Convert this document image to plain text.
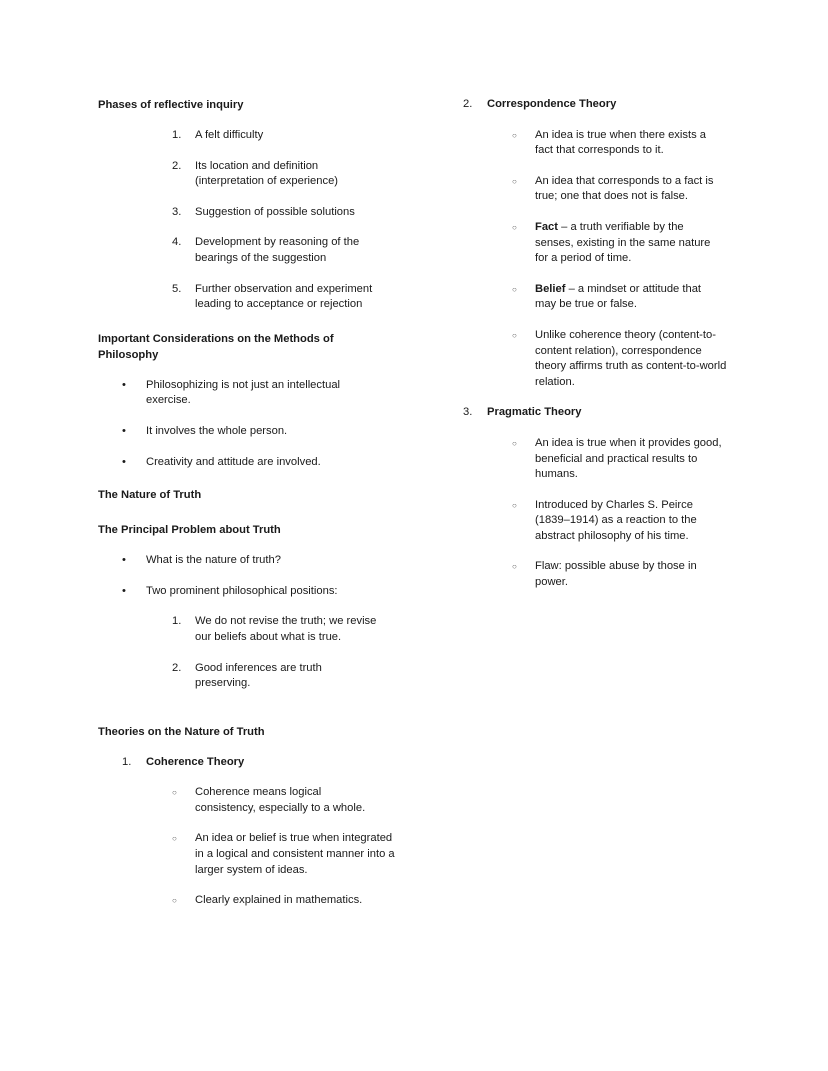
Phases of reflective inquiry

1.	A felt difficulty
2.	Its location and definition (interpretation of experience)
3.	Suggestion of possible solutions
4.	Development by reasoning of the bearings of the suggestion
5.	Further observation and experiment leading to acceptance or rejection

Important Considerations on the Methods of Philosophy

•	Philosophizing is not just an intellectual exercise.
•	It involves the whole person.
•	Creativity and attitude are involved.

The Nature of Truth

The Principal Problem about Truth

•	What is the nature of truth?
•	Two prominent philosophical positions:
1.	We do not revise the truth; we revise our beliefs about what is true.
2.	Good inferences are truth preserving.

Theories on the Nature of Truth

1.	Coherence Theory
○	Coherence means logical consistency, especially to a whole.
○	An idea or belief is true when integrated in a logical and consistent manner into a larger system of ideas.
○	Clearly explained in mathematics.
2.	Correspondence Theory
○	An idea is true when there exists a fact that corresponds to it.
○	An idea that corresponds to a fact is true; one that does not is false.
○	Fact – a truth verifiable by the senses, existing in the same nature for a period of time.
○	Belief – a mindset or attitude that may be true or false.
○	Unlike coherence theory (content-to-content relation), correspondence theory affirms truth as content-to-world relation.
3.	Pragmatic Theory
○	An idea is true when it provides good, beneficial and practical results to humans.
○	Introduced by Charles S. Peirce (1839–1914) as a reaction to the abstract philosophy of his time.
○	Flaw: possible abuse by those in power.
